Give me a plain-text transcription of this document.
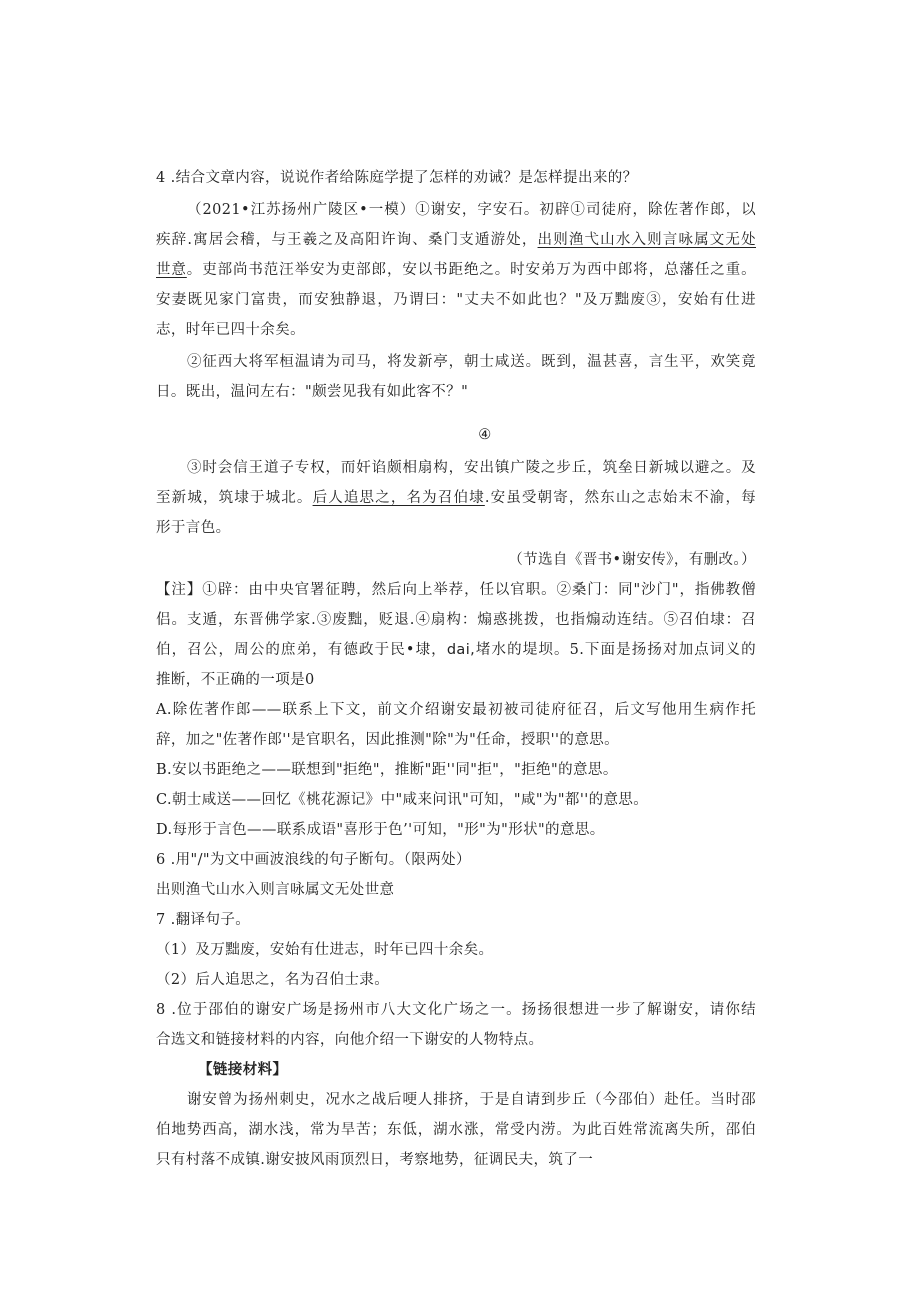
4 .结合文章内容，说说作者给陈庭学提了怎样的劝诫？是怎样提出来的？
（2021•江苏扬州广陵区•一模）①谢安，字安石。初辟①司徒府，除佐著作郎，以
疾辞.寓居会稽，与王羲之及高阳许询、桑门支遁游处，出则渔弋山水入则言咏属文无处
世意。吏部尚书范汪举安为吏部郎，安以书距绝之。时安弟万为西中郎将，总藩任之重。
安妻既见家门富贵，而安独静退，乃谓曰："丈夫不如此也？"及万黜废③，安始有仕进
志，时年已四十余矣。
②征西大将军桓温请为司马，将发新亭，朝士咸送。既到，温甚喜，言生平，欢笑竟
日。既出，温问左右："颇尝见我有如此客不？"
④
③时会信王道子专权，而奸谄颇相扇构，安出镇广陵之步丘，筑垒日新城以避之。及
至新城，筑埭于城北。后人追思之，名为召伯埭.安虽受朝寄，然东山之志始末不渝，每
形于言色。
（节选自《晋书•谢安传》，有删改。）
【注】①辟：由中央官署征聘，然后向上举荐，任以官职。②桑门：同"沙门"，指佛教僧
侣。支遁，东晋佛学家.③废黜，贬退.④扇构：煽惑挑拨，也指煽动连结。⑤召伯埭：召
伯，召公，周公的庶弟，有德政于民•埭，dai,堵水的堤坝。5.下面是扬扬对加点词义的
推断，不正确的一项是0
A.除佐著作郎——联系上下文，前文介绍谢安最初被司徒府征召，后文写他用生病作托
辞，加之"佐著作郎''是官职名，因此推测"除"为"任命，授职''的意思。
B.安以书距绝之——联想到"拒绝"，推断"距''同"拒"，"拒绝"的意思。
C.朝士咸送——回忆《桃花源记》中"咸来问讯"可知，"咸"为"都''的意思。
D.每形于言色——联系成语"喜形于色’'可知，"形"为"形状"的意思。
6 .用"/"为文中画波浪线的句子断句。（限两处）
出则渔弋山水入则言咏属文无处世意
7 .翻译句子。
（1）及万黜废，安始有仕进志，时年已四十余矣。
（2）后人追思之，名为召伯士隶。
8 .位于邵伯的谢安广场是扬州市八大文化广场之一。扬扬很想进一步了解谢安，请你结
合选文和链接材料的内容，向他介绍一下谢安的人物特点。
【链接材料】
谢安曾为扬州刺史，况水之战后哽人排挤，于是自请到步丘（今邵伯）赴任。当时邵
伯地势西高，湖水浅，常为旱苦；东低，湖水涨，常受内涝。为此百姓常流离失所，邵伯
只有村落不成镇.谢安披风雨顶烈日，考察地势，征调民夫，筑了一
